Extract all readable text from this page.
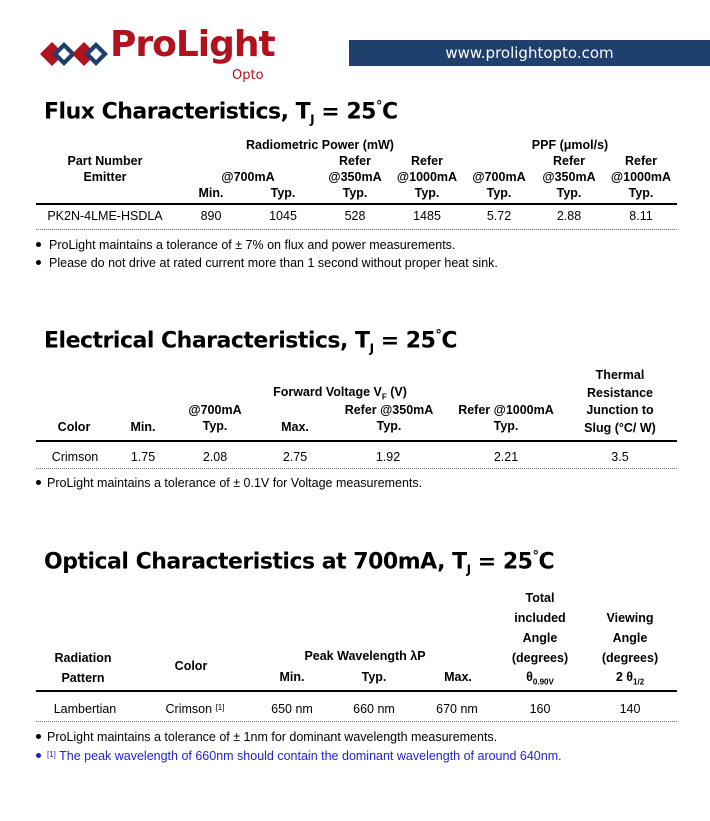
ProLight
Opto
www.prolightopto.com
Flux Characteristics, $T_J = 25^\circ C$
Radiometric Power (mW)	PPF (μmol/s)
Part Number
Emitter	@700mA
Refer
@350mA
Refer
@1000mA	@700mA
Refer
@350mA
Refer
@1000mA
Min.	Typ.	Typ.	Typ.	Typ.	Typ.	Typ.
PK2N-4LME-HSDLA	890	1045	528	1485	5.72	2.88	8.11
ProLight maintains a tolerance of ± 7% on flux and power measurements.
Please do not drive at rated current more than 1 second without proper heat sink.
Electrical Characteristics, $T_J = 25^\circ C$
Thermal
Resistance
Junction to
Slug (°C/ W)
Forward Voltage $V_F$ (V)
Color	Min.
@700mA
Typ.	Max.
Refer @350mA
Typ.
Refer @1000mA
Typ.
Crimson	1.75	2.08	2.75	1.92	2.21	3.5
ProLight maintains a tolerance of ± 0.1V for Voltage measurements.
Optical Characteristics at 700mA, $T_J = 25^\circ C$
Total
included
Angle
(degrees)
$\theta_{0.90V}$
Viewing
Angle
(degrees)
2 $\theta_{1/2}$
Radiation
Pattern
Color
Peak Wavelength λP
Min.	Typ.	Max.
Lambertian	Crimson [1]	650 nm	660 nm	670 nm	160	140
ProLight maintains a tolerance of ± 1nm for dominant wavelength measurements.
[1] The peak wavelength of 660nm should contain the dominant wavelength of around 640nm.
